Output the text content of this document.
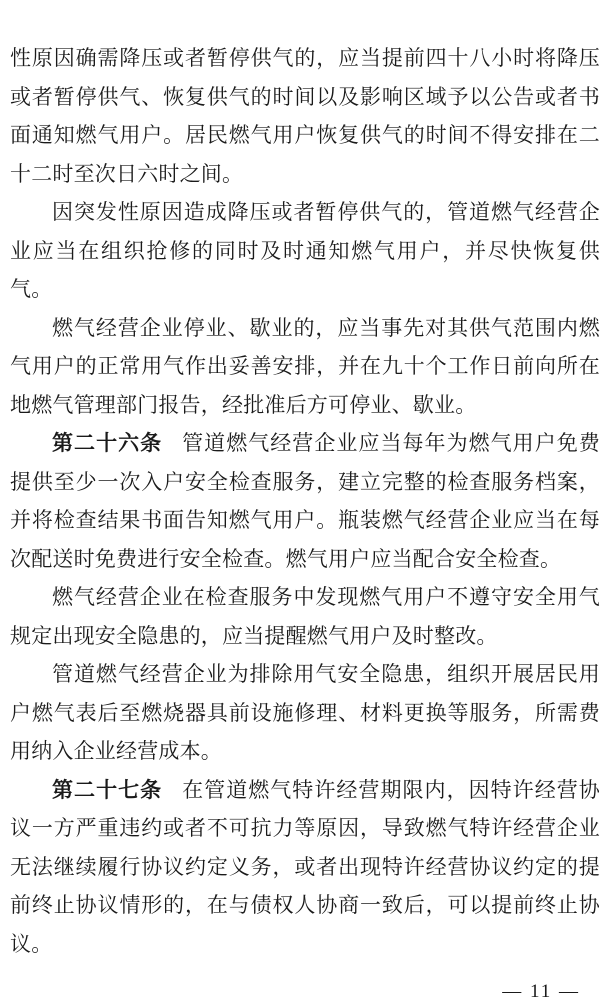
性原因确需降压或者暂停供气的，应当提前四十八小时将降压或者暂停供气、恢复供气的时间以及影响区域予以公告或者书面通知燃气用户。居民燃气用户恢复供气的时间不得安排在二十二时至次日六时之间。

因突发性原因造成降压或者暂停供气的，管道燃气经营企业应当在组织抢修的同时及时通知燃气用户，并尽快恢复供气。

燃气经营企业停业、歇业的，应当事先对其供气范围内燃气用户的正常用气作出妥善安排，并在九十个工作日前向所在地燃气管理部门报告，经批准后方可停业、歇业。

第二十六条 管道燃气经营企业应当每年为燃气用户免费提供至少一次入户安全检查服务，建立完整的检查服务档案，并将检查结果书面告知燃气用户。瓶装燃气经营企业应当在每次配送时免费进行安全检查。燃气用户应当配合安全检查。

燃气经营企业在检查服务中发现燃气用户不遵守安全用气规定出现安全隐患的，应当提醒燃气用户及时整改。

管道燃气经营企业为排除用气安全隐患，组织开展居民用户燃气表后至燃烧器具前设施修理、材料更换等服务，所需费用纳入企业经营成本。

第二十七条 在管道燃气特许经营期限内，因特许经营协议一方严重违约或者不可抗力等原因，导致燃气特许经营企业无法继续履行协议约定义务，或者出现特许经营协议约定的提前终止协议情形的，在与债权人协商一致后，可以提前终止协议。

— 11 —
